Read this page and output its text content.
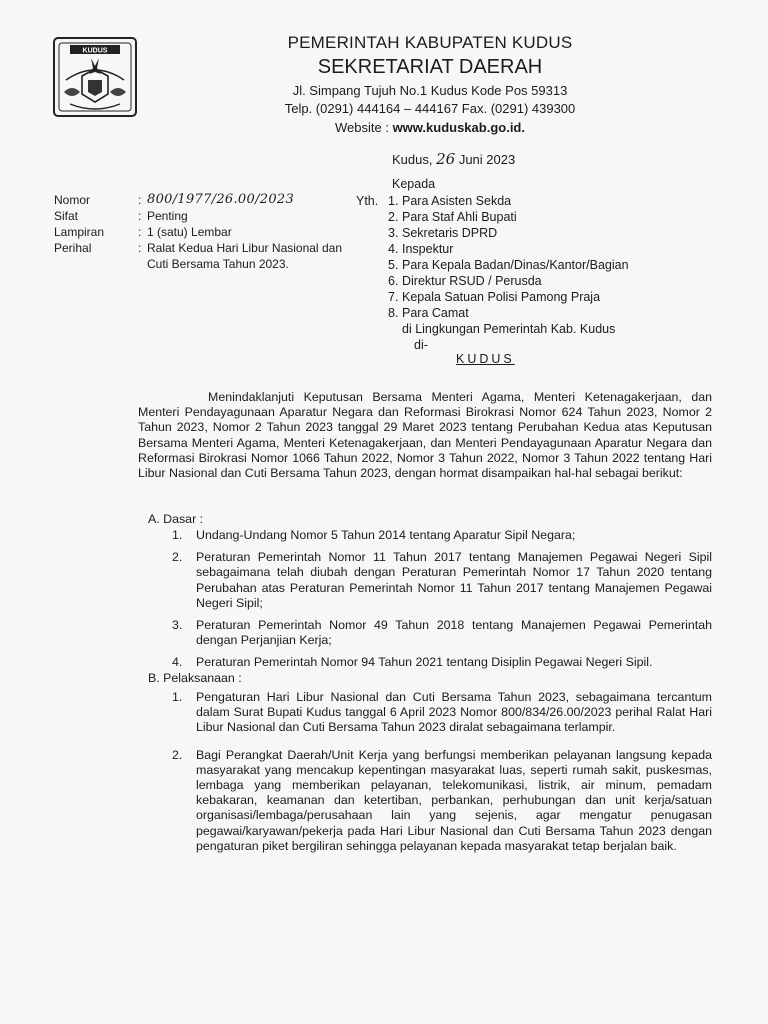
KUDUS	PEMERINTAH KABUPATEN KUDUS
SEKRETARIAT DAERAH
Jl. Simpang Tujuh No.1 Kudus Kode Pos 59313
Telp. (0291) 444164 – 444167 Fax. (0291) 439300
Website : www.kuduskab.go.id.
Kudus, 26 Juni 2023
Nomor	: 800/1977/26.00/2023
Sifat	: Penting
Lampiran	: 1 (satu) Lembar
Perihal	: Ralat Kedua Hari Libur Nasional dan Cuti Bersama Tahun 2023.
Kepada
Yth. 1. Para Asisten Sekda
2. Para Staf Ahli Bupati
3. Sekretaris DPRD
4. Inspektur
5. Para Kepala Badan/Dinas/Kantor/Bagian
6. Direktur RSUD / Perusda
7. Kepala Satuan Polisi Pamong Praja
8. Para Camat
di Lingkungan Pemerintah Kab. Kudus
di-
KUDUS

Menindaklanjuti Keputusan Bersama Menteri Agama, Menteri Ketenagakerjaan, dan Menteri Pendayagunaan Aparatur Negara dan Reformasi Birokrasi Nomor 624 Tahun 2023, Nomor 2 Tahun 2023, Nomor 2 Tahun 2023 tanggal 29 Maret 2023 tentang Perubahan Kedua atas Keputusan Bersama Menteri Agama, Menteri Ketenagakerjaan, dan Menteri Pendayagunaan Aparatur Negara dan Reformasi Birokrasi Nomor 1066 Tahun 2022, Nomor 3 Tahun 2022, Nomor 3 Tahun 2022 tentang Hari Libur Nasional dan Cuti Bersama Tahun 2023, dengan hormat disampaikan hal-hal sebagai berikut:

A. Dasar :
1.	Undang-Undang Nomor 5 Tahun 2014 tentang Aparatur Sipil Negara;
2.	Peraturan Pemerintah Nomor 11 Tahun 2017 tentang Manajemen Pegawai Negeri Sipil sebagaimana telah diubah dengan Peraturan Pemerintah Nomor 17 Tahun 2020 tentang Perubahan atas Peraturan Pemerintah Nomor 11 Tahun 2017 tentang Manajemen Pegawai Negeri Sipil;
3.	Peraturan Pemerintah Nomor 49 Tahun 2018 tentang Manajemen Pegawai Pemerintah dengan Perjanjian Kerja;
4.	Peraturan Pemerintah Nomor 94 Tahun 2021 tentang Disiplin Pegawai Negeri Sipil.
B. Pelaksanaan :
1.	Pengaturan Hari Libur Nasional dan Cuti Bersama Tahun 2023, sebagaimana tercantum dalam Surat Bupati Kudus tanggal 6 April 2023 Nomor 800/834/26.00/2023 perihal Ralat Hari Libur Nasional dan Cuti Bersama Tahun 2023 diralat sebagaimana terlampir.
2.	Bagi Perangkat Daerah/Unit Kerja yang berfungsi memberikan pelayanan langsung kepada masyarakat yang mencakup kepentingan masyarakat luas, seperti rumah sakit, puskesmas, lembaga yang memberikan pelayanan, telekomunikasi, listrik, air minum, pemadam kebakaran, keamanan dan ketertiban, perbankan, perhubungan dan unit kerja/satuan organisasi/lembaga/perusahaan lain yang sejenis, agar mengatur penugasan pegawai/karyawan/pekerja pada Hari Libur Nasional dan Cuti Bersama Tahun 2023 dengan pengaturan piket bergiliran sehingga pelayanan kepada masyarakat tetap berjalan baik.
